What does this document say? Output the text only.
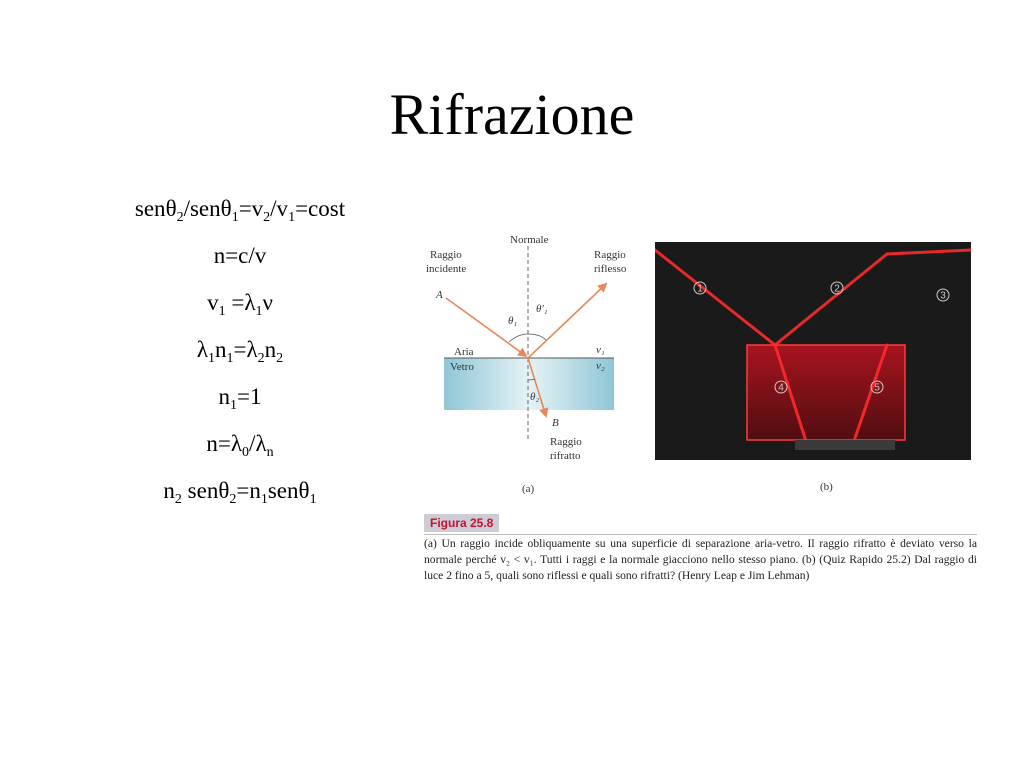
Rifrazione
$sen\theta_2/sen\theta_1=v_2/v_1=\cos t$
n=c/v
$v_1 =\lambda_1\nu$
$\lambda_1n_1=\lambda_2n_2$
$n_1=1$
$n=\lambda_0/\lambda_n$
$n_2$ $sen\theta_2=n_1sen\theta_1$
Normale
Raggio
incidente
Raggio
riflesso
A
θ₁
θ′₁
Aria
Vetro
v₁
v₂
θ₂
B
Raggio
rifratto
(a)
1	2
3
4	5
(b)
Figura 25.8
(a) Un raggio incide obliquamente su una superficie di separazione aria-vetro. Il raggio rifratto è deviato verso la normale perché v₂ < v₁. Tutti i raggi e la normale giacciono nello stesso piano. (b) (Quiz Rapido 25.2) Dal raggio di luce 2 fino a 5, quali sono riflessi e quali sono rifratti? (Henry Leap e Jim Lehman)
